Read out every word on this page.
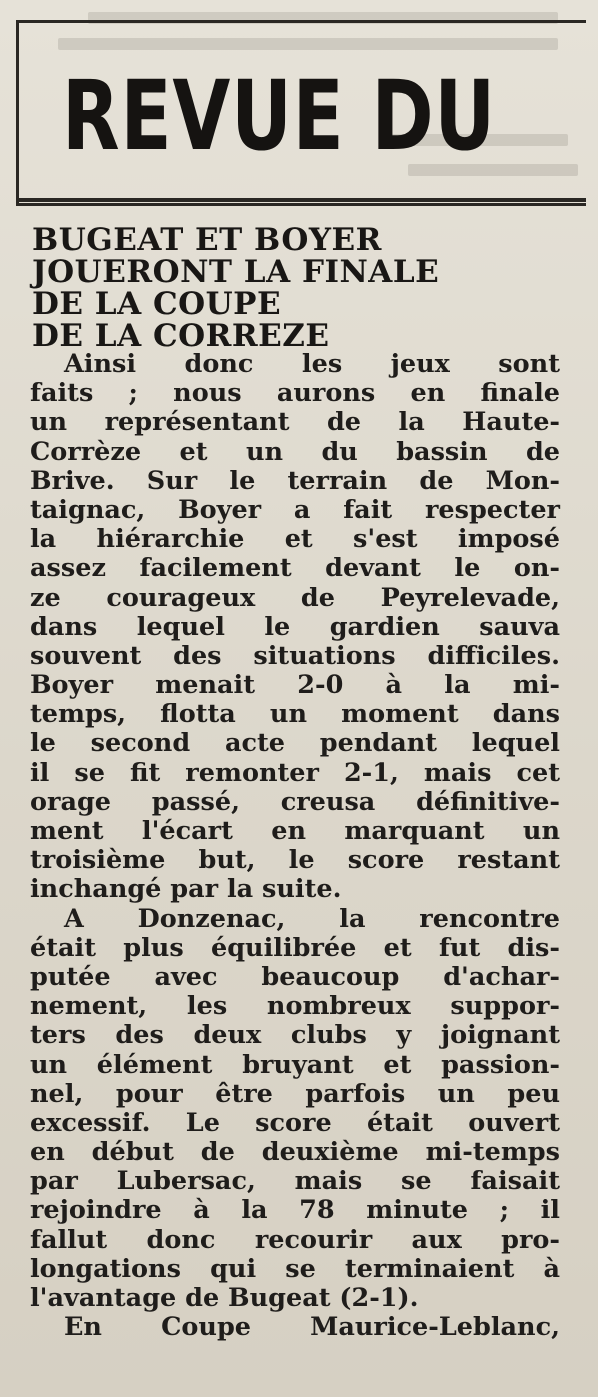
REVUE DU
BUGEAT ET BOYER
JOUERONT LA FINALE
DE LA COUPE
DE LA CORREZE
Ainsi donc les jeux sont
faits ; nous aurons en finale
un représentant de la Haute-
Corrèze et un du bassin de
Brive. Sur le terrain de Mon-
taignac, Boyer a fait respecter
la hiérarchie et s'est imposé
assez facilement devant le on-
ze courageux de Peyrelevade,
dans lequel le gardien sauva
souvent des situations difficiles.
Boyer menait 2-0 à la mi-
temps, flotta un moment dans
le second acte pendant lequel
il se fit remonter 2-1, mais cet
orage passé, creusa définitive-
ment l'écart en marquant un
troisième but, le score restant
inchangé par la suite.
A Donzenac, la rencontre
était plus équilibrée et fut dis-
putée avec beaucoup d'achar-
nement, les nombreux suppor-
ters des deux clubs y joignant
un élément bruyant et passion-
nel, pour être parfois un peu
excessif. Le score était ouvert
en début de deuxième mi-temps
par Lubersac, mais se faisait
rejoindre à la 78 minute ; il
fallut donc recourir aux pro-
longations qui se terminaient à
l'avantage de Bugeat (2-1).
En Coupe Maurice-Leblanc,
